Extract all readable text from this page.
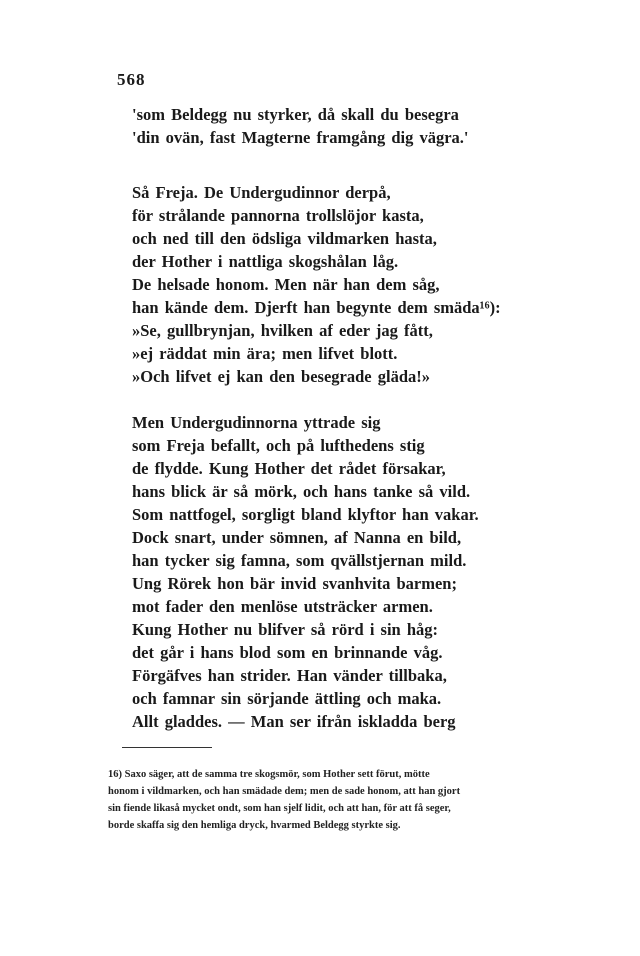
568
'som Beldegg nu styrker, då skall du besegra
'din ovän, fast Magterne framgång dig vägra.'
Så Freja. De Undergudinnor derpå,
för strålande pannorna trollslöjor kasta,
och ned till den ödsliga vildmarken hasta,
der Hother i nattliga skogshålan låg.
De helsade honom. Men när han dem såg,
han kände dem. Djerft han begynte dem smäda¹⁶):
»Se, gullbrynjan, hvilken af eder jag fått,
»ej räddat min ära; men lifvet blott.
»Och lifvet ej kan den besegrade gläda!»
Men Undergudinnorna yttrade sig
som Freja befallt, och på lufthedens stig
de flydde. Kung Hother det rådet försakar,
hans blick är så mörk, och hans tanke så vild.
Som nattfogel, sorgligt bland klyftor han vakar.
Dock snart, under sömnen, af Nanna en bild,
han tycker sig famna, som qvällstjernan mild.
Ung Rörek hon bär invid svanhvita barmen;
mot fader den menlöse utsträcker armen.
Kung Hother nu blifver så rörd i sin håg:
det går i hans blod som en brinnande våg.
Förgäfves han strider. Han vänder tillbaka,
och famnar sin sörjande ättling och maka.
Allt gladdes. — Man ser ifrån iskladda berg
16) Saxo säger, att de samma tre skogsmör, som Hother sett förut, mötte
honom i vildmarken, och han smädade dem; men de sade honom, att han gjort
sin fiende likaså mycket ondt, som han sjelf lidit, och att han, för att få seger,
borde skaffa sig den hemliga dryck, hvarmed Beldegg styrkte sig.
